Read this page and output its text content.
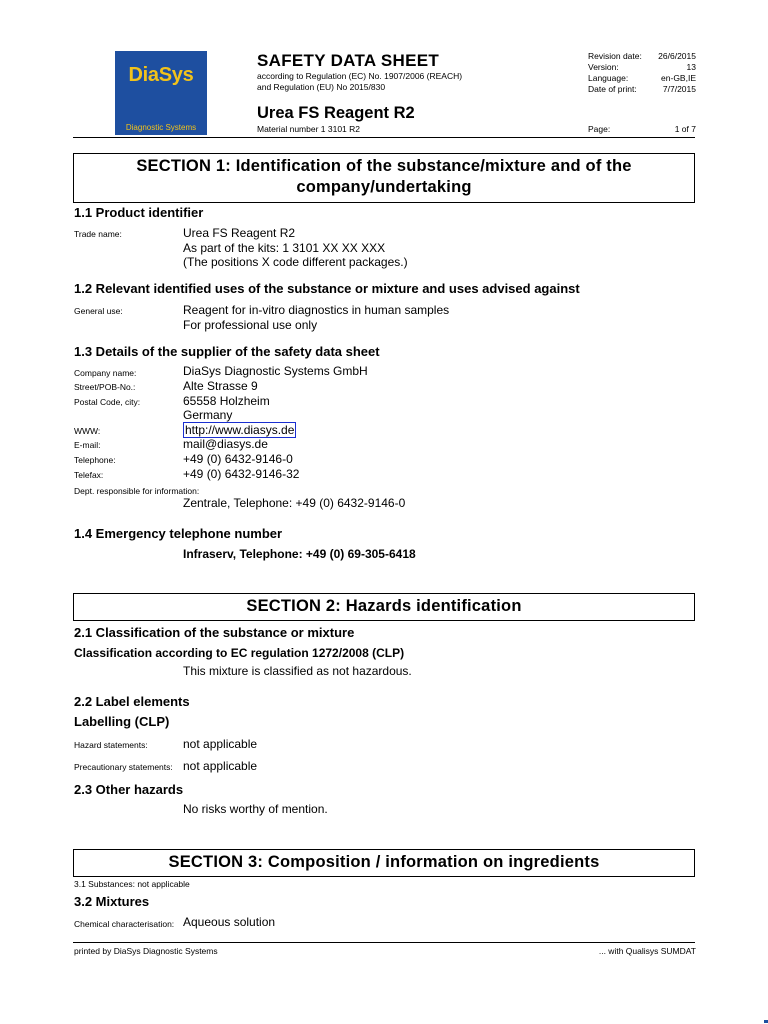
DiaSys
Diagnostic Systems
SAFETY DATA SHEET
according to Regulation (EC) No. 1907/2006 (REACH)
and Regulation (EU) No 2015/830
Urea FS Reagent R2
Material number 1 3101 R2
Revision date: 26/6/2015
Version:	13
Language:	en-GB,IE
Date of print:	7/7/2015
Page:	1 of 7
SECTION 1: Identification of the substance/mixture and of the
company/undertaking
1.1 Product identifier
Trade name:	Urea FS Reagent R2
As part of the kits: 1 3101 XX XX XXX
(The positions X code different packages.)
1.2 Relevant identified uses of the substance or mixture and uses advised against
General use:	Reagent for in-vitro diagnostics in human samples
For professional use only
1.3 Details of the supplier of the safety data sheet
Company name:	DiaSys Diagnostic Systems GmbH
Street/POB-No.:	Alte Strasse 9
Postal Code, city:	65558 Holzheim
Germany
WWW:	http://www.diasys.de
E-mail:	mail@diasys.de
Telephone:	+49 (0) 6432-9146-0
Telefax:	+49 (0) 6432-9146-32
Dept. responsible for information:
Zentrale, Telephone: +49 (0) 6432-9146-0
1.4 Emergency telephone number
Infraserv, Telephone: +49 (0) 69-305-6418
SECTION 2: Hazards identification
2.1 Classification of the substance or mixture
Classification according to EC regulation 1272/2008 (CLP)
This mixture is classified as not hazardous.
2.2 Label elements
Labelling (CLP)
Hazard statements:	not applicable
Precautionary statements: not applicable
2.3 Other hazards
No risks worthy of mention.
SECTION 3: Composition / information on ingredients
3.1 Substances: not applicable
3.2 Mixtures
Chemical characterisation: Aqueous solution
printed by DiaSys Diagnostic Systems	... with Qualisys SUMDAT
